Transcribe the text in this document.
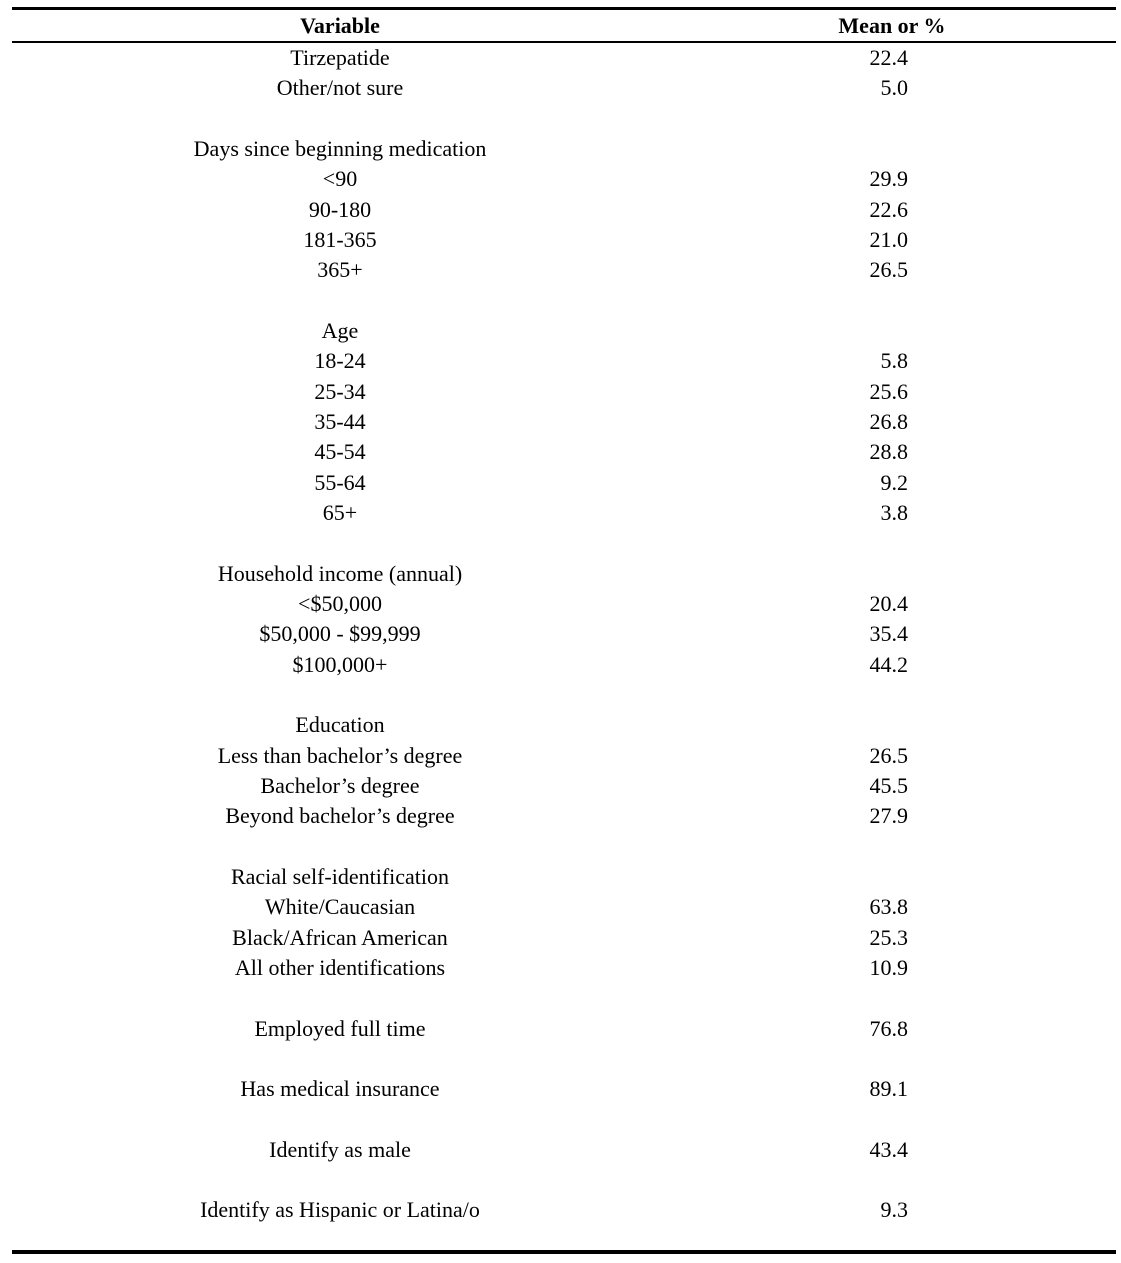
Variable	Mean or %
Tirzepatide	22.4
Other/not sure	5.0
Days since beginning medication
<90	29.9
90-180	22.6
181-365	21.0
365+	26.5
Age
18-24	5.8
25-34	25.6
35-44	26.8
45-54	28.8
55-64	9.2
65+	3.8
Household income (annual)
<$50,000	20.4
$50,000 - $99,999	35.4
$100,000+	44.2
Education
Less than bachelor’s degree	26.5
Bachelor’s degree	45.5
Beyond bachelor’s degree	27.9
Racial self-identification
White/Caucasian	63.8
Black/African American	25.3
All other identifications	10.9
Employed full time	76.8
Has medical insurance	89.1
Identify as male	43.4
Identify as Hispanic or Latina/o	9.3
